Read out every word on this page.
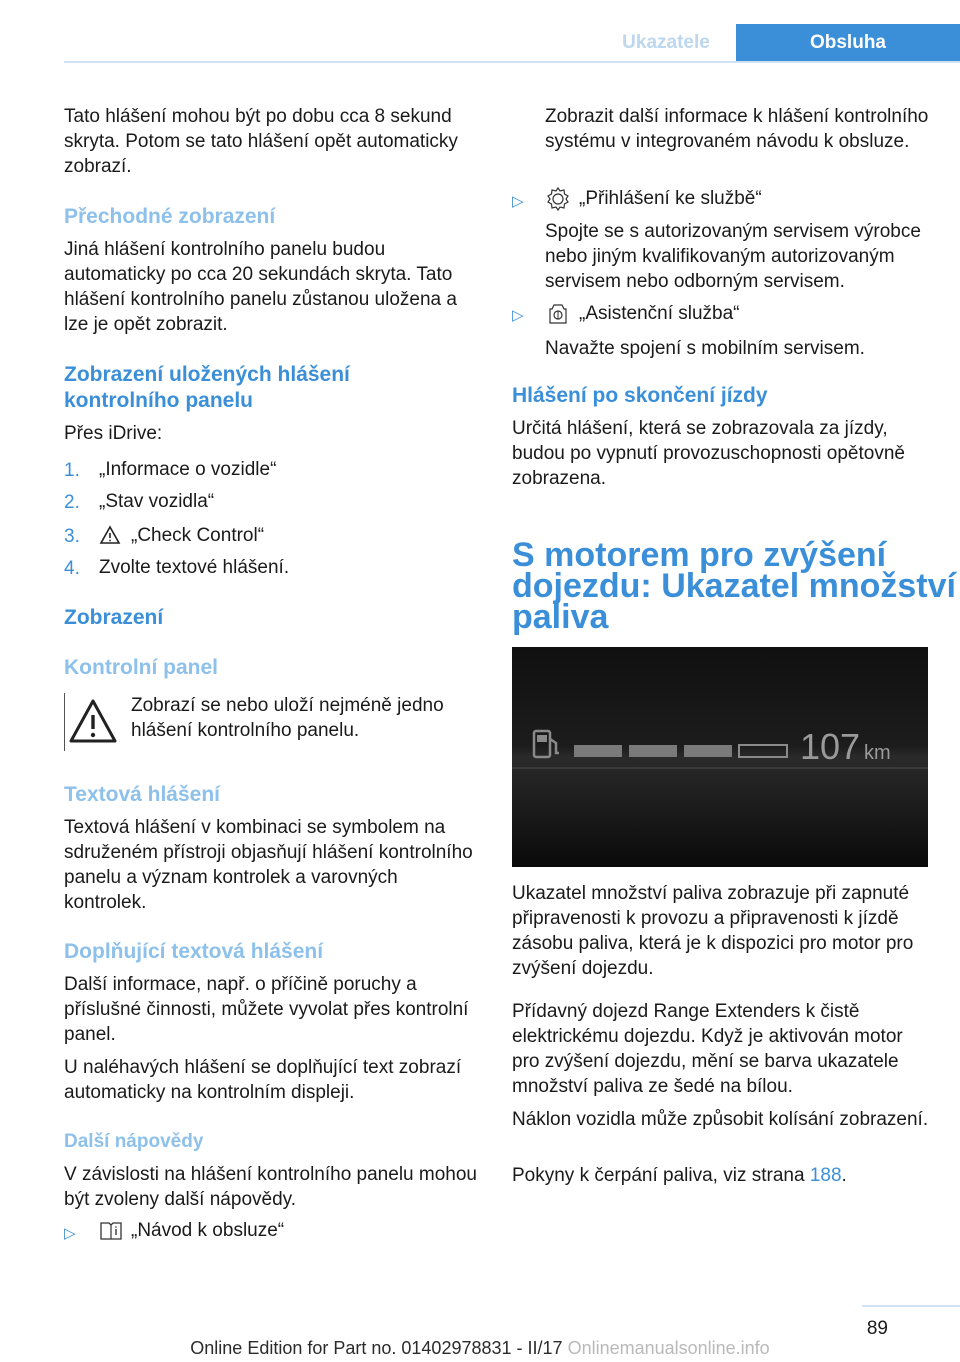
Ukazatele	Obsluha

Tato hlášení mohou být po dobu cca 8 sekund skryta. Potom se tato hlášení opět automaticky zobrazí.

Přechodné zobrazení

Jiná hlášení kontrolního panelu budou automaticky po cca 20 sekundách skryta. Tato hlášení kontrolního panelu zůstanou uložena a lze je opět zobrazit.

Zobrazení uložených hlášení
kontrolního panelu

Přes iDrive:

1. „Informace o vozidle“

2. „Stav vozidla“

3.	„Check Control“

4. Zvolte textové hlášení.

Zobrazení
Kontrolní panel

Zobrazí se nebo uloží nejméně jedno hlášení kontrolního panelu.

Textová hlášení

Textová hlášení v kombinaci se symbolem na sdruženém přístroji objasňují hlášení kontrolního panelu a význam kontrolek a varovných kontrolek.

Doplňující textová hlášení

Další informace, např. o příčině poruchy a příslušné činnosti, můžete vyvolat přes kontrolní panel.

U naléhavých hlášení se doplňující text zobrazí automaticky na kontrolním displeji.

Další nápovědy

V závislosti na hlášení kontrolního panelu mohou být zvoleny další nápovědy.

▷	„Návod k obsluze“

Zobrazit další informace k hlášení kontrolního systému v integrovaném návodu k obsluze.

▷	„Přihlášení ke službě“

Spojte se s autorizovaným servisem výrobce nebo jiným kvalifikovaným autorizovaným servisem nebo odborným servisem.

▷	„Asistenční služba“

Navažte spojení s mobilním servisem.

Hlášení po skončení jízdy

Určitá hlášení, která se zobrazovala za jízdy, budou po vypnutí provozuschopnosti opětovně zobrazena.

S motorem pro zvýšení
dojezdu: Ukazatel množství
paliva
107 km

Ukazatel množství paliva zobrazuje při zapnuté připravenosti k provozu a připravenosti k jízdě zásobu paliva, která je k dispozici pro motor pro zvýšení dojezdu.

Přídavný dojezd Range Extenders k čistě elektrickému dojezdu. Když je aktivován motor pro zvýšení dojezdu, mění se barva ukazatele množství paliva ze šedé na bílou.

Náklon vozidla může způsobit kolísání zobrazení.

Pokyny k čerpání paliva, viz strana 188.

89
Online Edition for Part no. 01402978831 - II/17 Onlinemanualsonline.info
